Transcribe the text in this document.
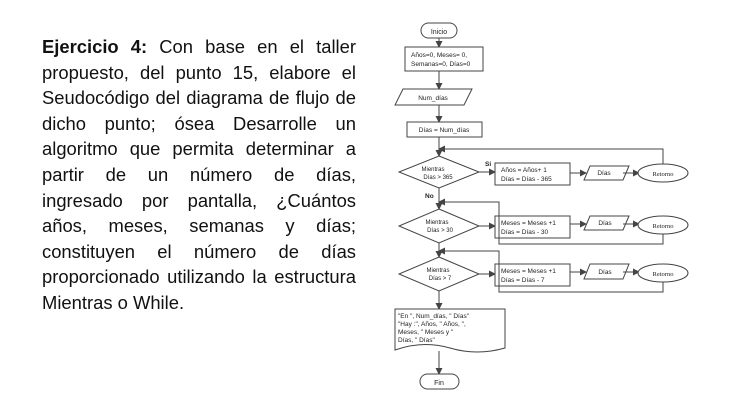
Ejercicio 4: Con base en el taller propuesto, del punto 15, elabore el Seudocódigo del diagrama de flujo de dicho punto; ósea Desarrolle un algoritmo que permita determinar a partir de un número de días, ingresado por pantalla, ¿Cuántos años, meses, semanas y días; constituyen el número de días proporcionado utilizando la estructura Mientras o While.
Inicio
Años=0, Meses= 0,
Semanas=0, Días=0
Num_días
Días = Num_días
Mientras
Días > 365
Si
Años = Años+ 1
Días = Días - 365
Días	Retorno
No
Mientras
Días > 30
Meses = Meses +1
Días = Días - 30
Días	Retorno
Mientras
Días > 7
Meses = Meses +1
Días = Días - 7
Días	Retorno
"En ", Num_días, " Días"
"Hay :", Años, " Años, ",
Meses, " Meses y "
Días, " Días"
Fin
